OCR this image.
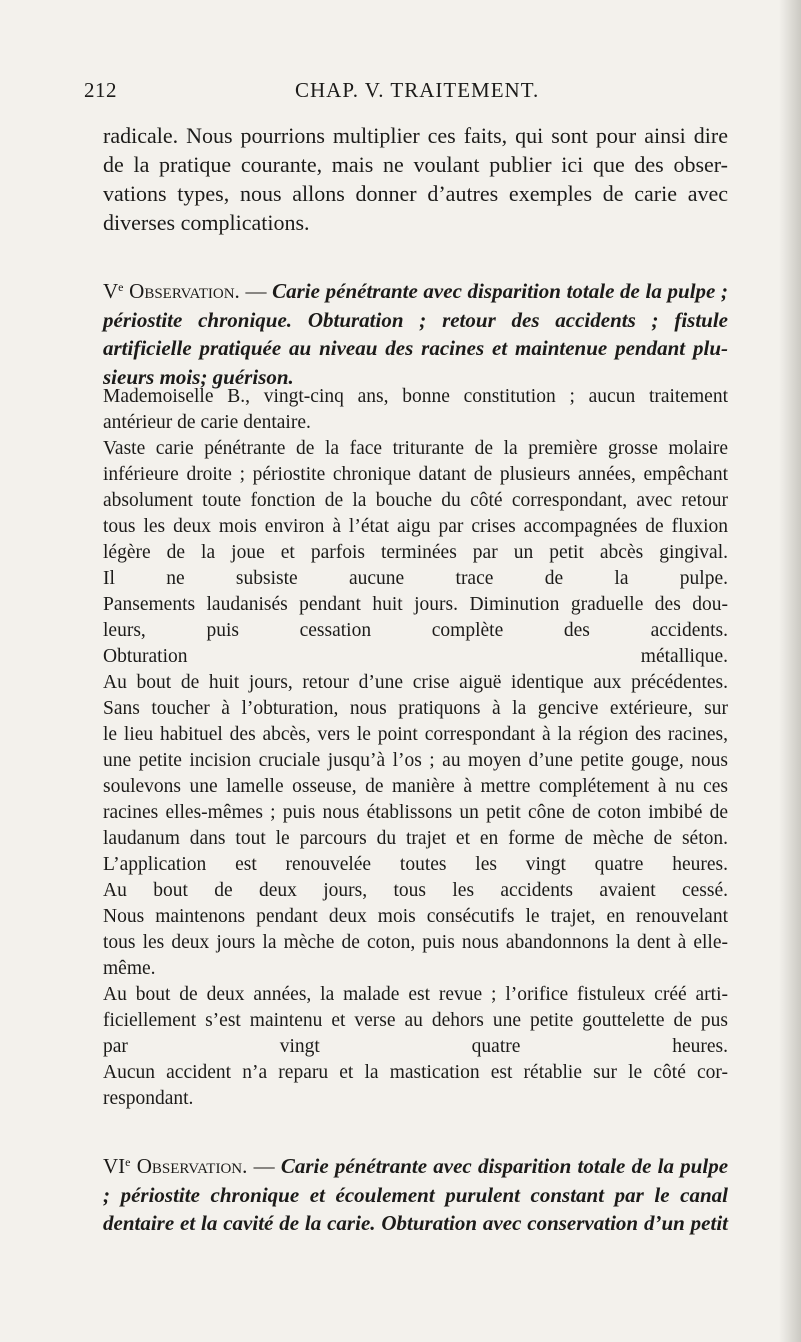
212	CHAP. V. TRAITEMENT.
radicale. Nous pourrions multiplier ces faits, qui sont pour ainsi dire de la pratique courante, mais ne voulant publier ici que des obser-vations types, nous allons donner d’autres exemples de carie avec diverses complications.
Ve Observation. — Carie pénétrante avec disparition totale de la pulpe ; périostite chronique. Obturation ; retour des accidents ; fistule artificielle pratiquée au niveau des racines et maintenue pendant plu-sieurs mois; guérison.
Mademoiselle B., vingt-cinq ans, bonne constitution ; aucun traitement
antérieur de carie dentaire.
Vaste carie pénétrante de la face triturante de la première grosse molaire
inférieure droite ; périostite chronique datant de plusieurs années, empêchant
absolument toute fonction de la bouche du côté correspondant, avec retour
tous les deux mois environ à l’état aigu par crises accompagnées de fluxion
légère de la joue et parfois terminées par un petit abcès gingival.
Il ne subsiste aucune trace de la pulpe.
Pansements laudanisés pendant huit jours. Diminution graduelle des dou-
leurs, puis cessation complète des accidents.
Obturation métallique.
Au bout de huit jours, retour d’une crise aiguë identique aux précédentes.
Sans toucher à l’obturation, nous pratiquons à la gencive extérieure, sur
le lieu habituel des abcès, vers le point correspondant à la région des racines,
une petite incision cruciale jusqu’à l’os ; au moyen d’une petite gouge, nous
soulevons une lamelle osseuse, de manière à mettre complétement à nu ces
racines elles-mêmes ; puis nous établissons un petit cône de coton imbibé de
laudanum dans tout le parcours du trajet et en forme de mèche de séton.
L’application est renouvelée toutes les vingt quatre heures.
Au bout de deux jours, tous les accidents avaient cessé.
Nous maintenons pendant deux mois consécutifs le trajet, en renouvelant
tous les deux jours la mèche de coton, puis nous abandonnons la dent à elle-
même.
Au bout de deux années, la malade est revue ; l’orifice fistuleux créé arti-
ficiellement s’est maintenu et verse au dehors une petite gouttelette de pus
par vingt quatre heures.
Aucun accident n’a reparu et la mastication est rétablie sur le côté cor-
respondant.
VIe Observation. — Carie pénétrante avec disparition totale de la pulpe ; périostite chronique et écoulement purulent constant par le canal dentaire et la cavité de la carie. Obturation avec conservation d’un petit
